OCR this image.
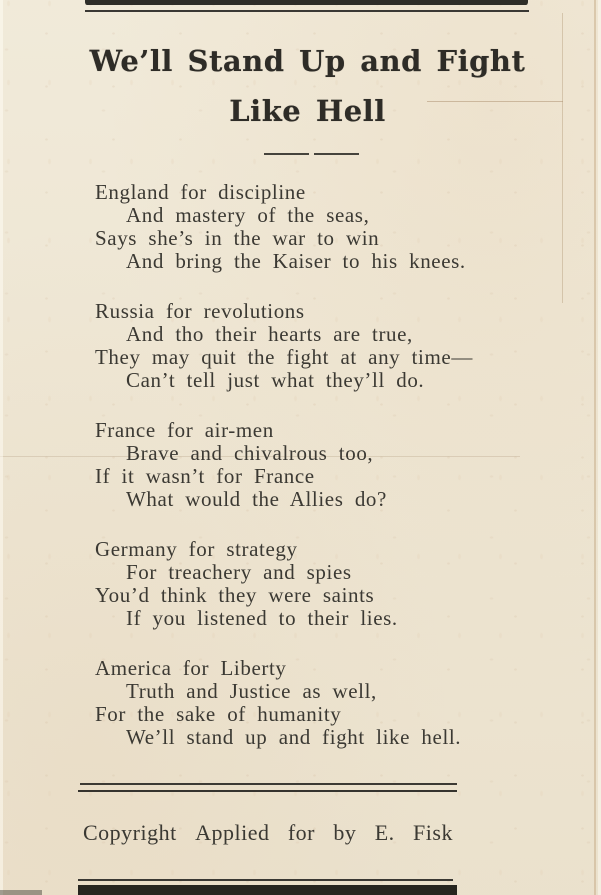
We’ll Stand Up and Fight
Like Hell
England for discipline
And mastery of the seas,
Says she’s in the war to win
And bring the Kaiser to his knees.
Russia for revolutions
And tho their hearts are true,
They may quit the fight at any time—
Can’t tell just what they’ll do.
France for air-men
Brave and chivalrous too,
If it wasn’t for France
What would the Allies do?
Germany for strategy
For treachery and spies
You’d think they were saints
If you listened to their lies.
America for Liberty
Truth and Justice as well,
For the sake of humanity
We’ll stand up and fight like hell.
Copyright Applied for by E. Fisk
